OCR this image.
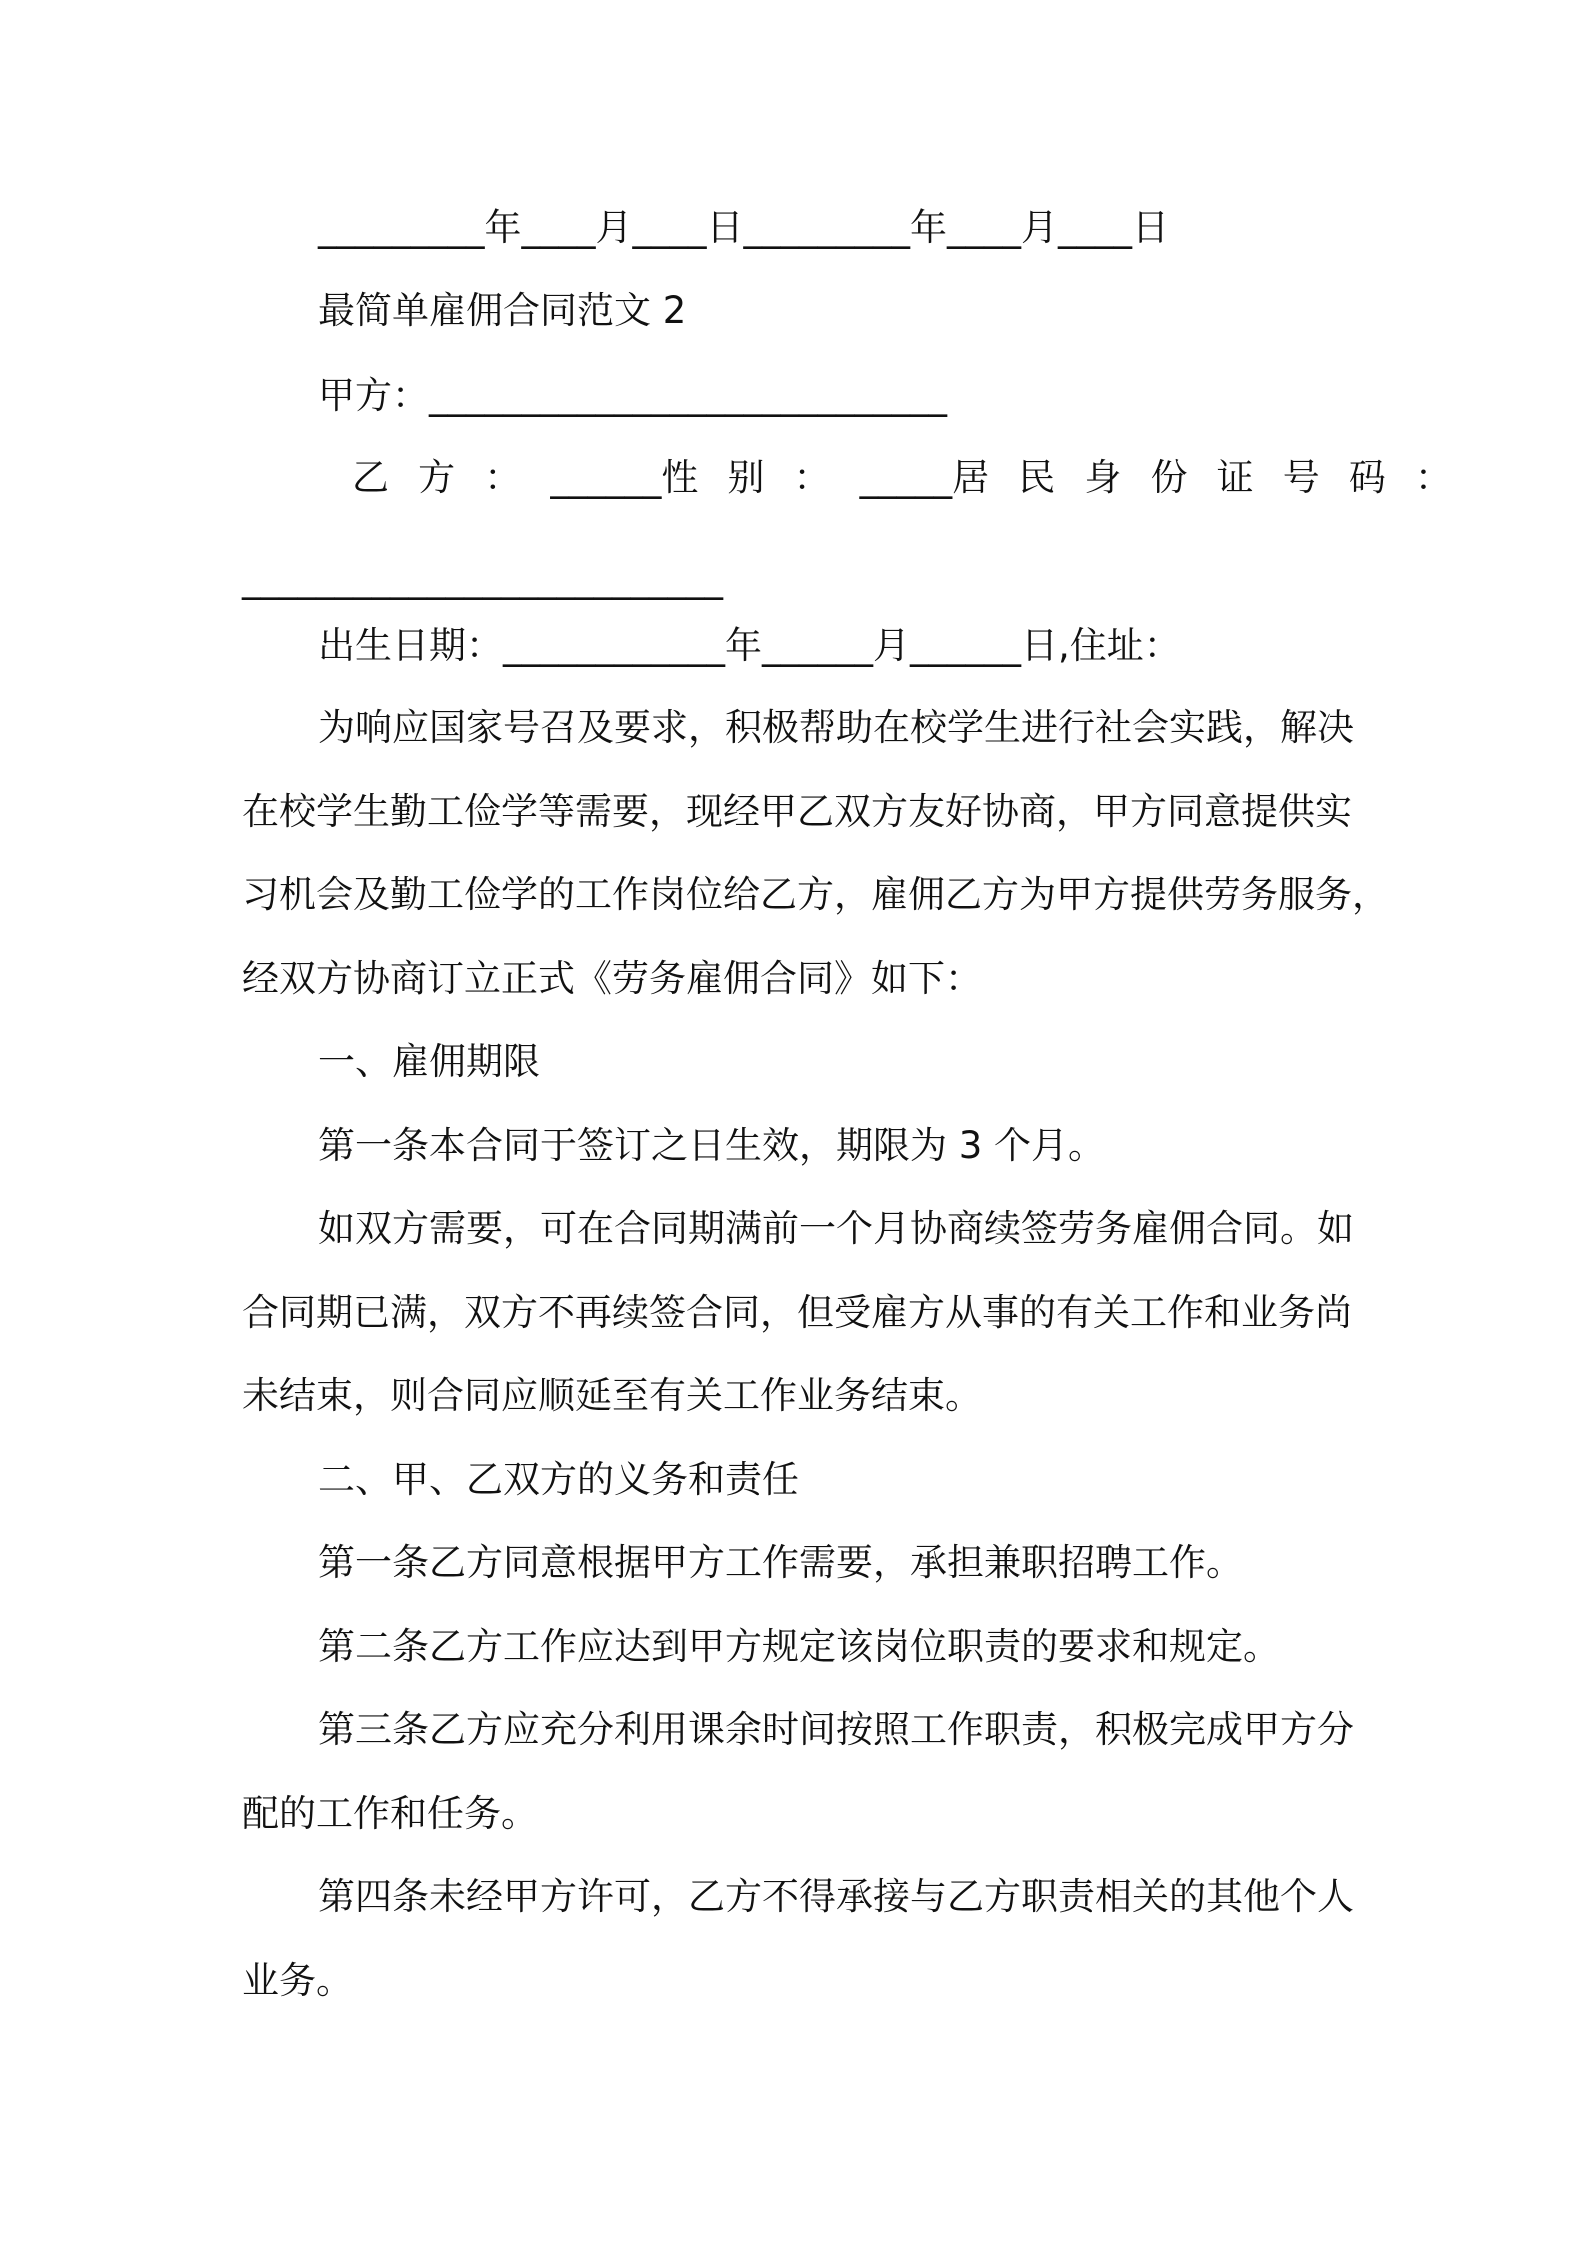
_________年____月____日_________年____月____日
最简单雇佣合同范文 2
甲方：____________________________
乙 方 ： ______性 别 ： _____居 民 身 份 证 号 码 ：
__________________________
出生日期：____________年______月______日,住址：
为响应国家号召及要求，积极帮助在校学生进行社会实践，解决
在校学生勤工俭学等需要，现经甲乙双方友好协商，甲方同意提供实
习机会及勤工俭学的工作岗位给乙方，雇佣乙方为甲方提供劳务服务，
经双方协商订立正式《劳务雇佣合同》如下：
一、雇佣期限
第一条本合同于签订之日生效，期限为 3 个月。
如双方需要，可在合同期满前一个月协商续签劳务雇佣合同。如
合同期已满，双方不再续签合同，但受雇方从事的有关工作和业务尚
未结束，则合同应顺延至有关工作业务结束。
二、甲、乙双方的义务和责任
第一条乙方同意根据甲方工作需要，承担兼职招聘工作。
第二条乙方工作应达到甲方规定该岗位职责的要求和规定。
第三条乙方应充分利用课余时间按照工作职责，积极完成甲方分
配的工作和任务。
第四条未经甲方许可，乙方不得承接与乙方职责相关的其他个人
业务。
